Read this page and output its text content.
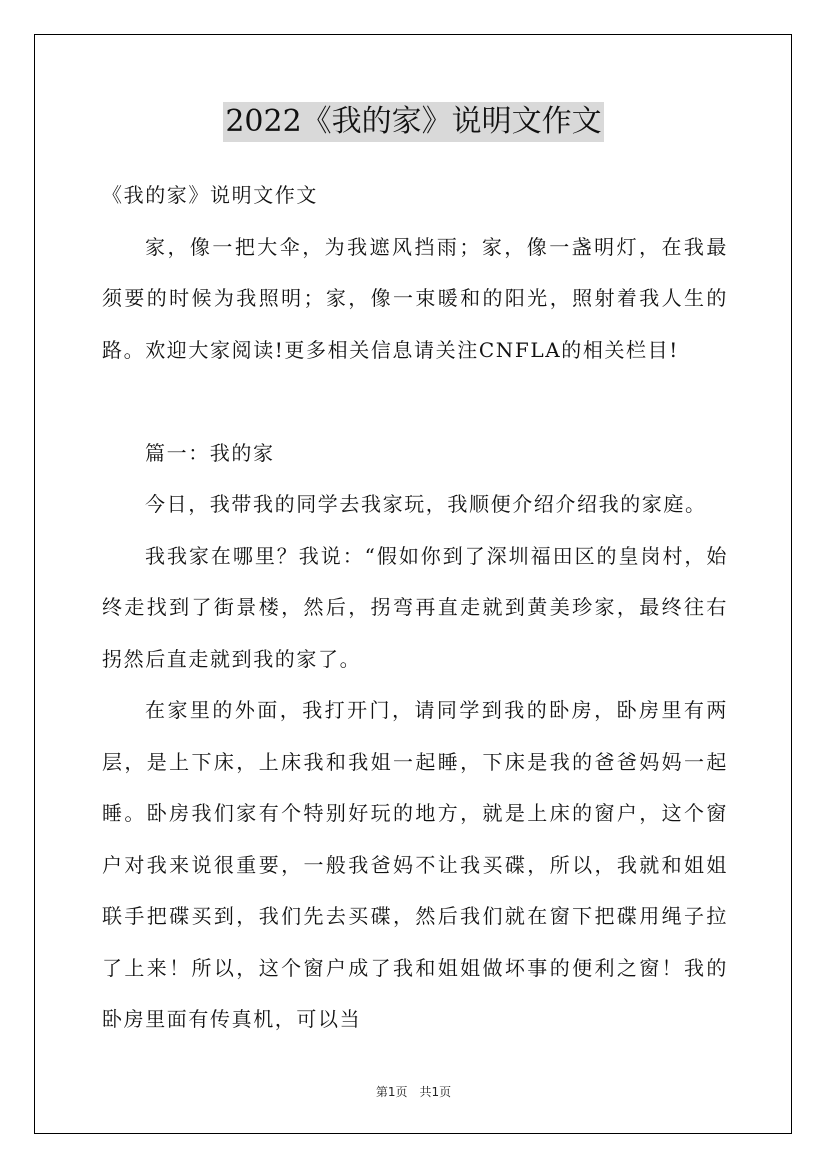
2022《我的家》说明文作文

《我的家》说明文作文

家，像一把大伞，为我遮风挡雨；家，像一盏明灯，在我最须要的时候为我照明；家，像一束暖和的阳光，照射着我人生的路。欢迎大家阅读!更多相关信息请关注CNFLA的相关栏目!

篇一：我的家

今日，我带我的同学去我家玩，我顺便介绍介绍我的家庭。

我我家在哪里？我说：“假如你到了深圳福田区的皇岗村，始终走找到了街景楼，然后，拐弯再直走就到黄美珍家，最终往右拐然后直走就到我的家了。

在家里的外面，我打开门，请同学到我的卧房，卧房里有两层，是上下床，上床我和我姐一起睡，下床是我的爸爸妈妈一起睡。卧房我们家有个特别好玩的地方，就是上床的窗户，这个窗户对我来说很重要，一般我爸妈不让我买碟，所以，我就和姐姐联手把碟买到，我们先去买碟，然后我们就在窗下把碟用绳子拉了上来！所以，这个窗户成了我和姐姐做坏事的便利之窗！我的卧房里面有传真机，可以当

第1页　共1页
